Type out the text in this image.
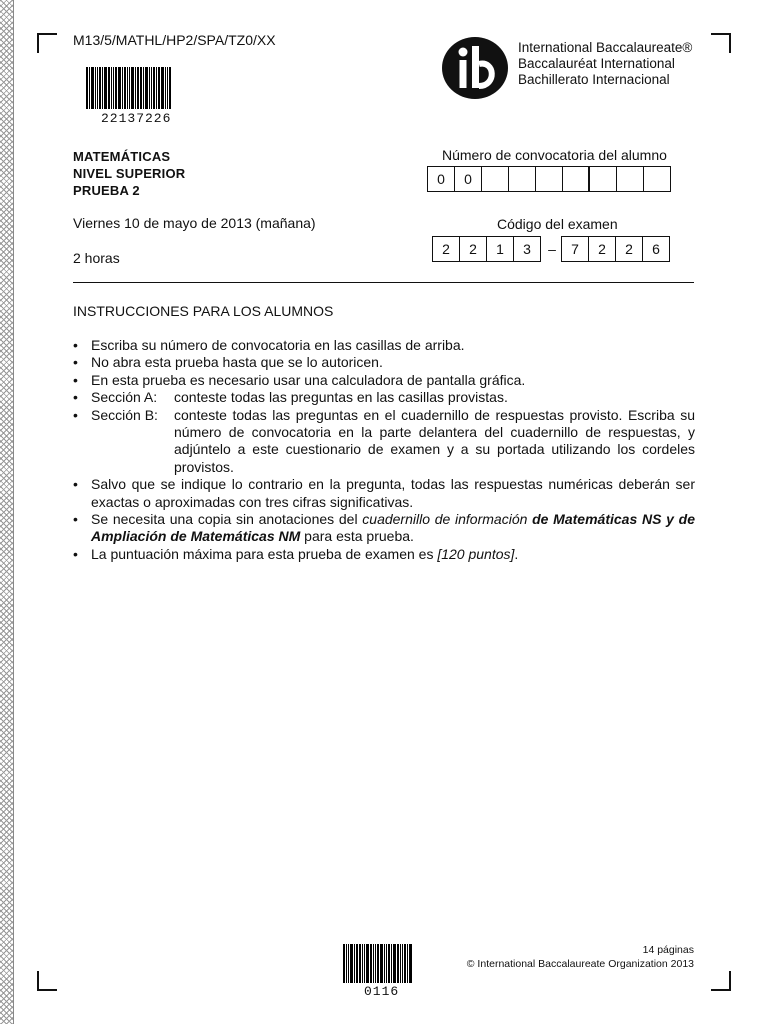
M13/5/MATHL/HP2/SPA/TZ0/XX
22137226
International Baccalaureate®
Baccalauréat International
Bachillerato Internacional
MATEMÁTICAS
NIVEL SUPERIOR
PRUEBA 2
Viernes 10 de mayo de 2013 (mañana)
2 horas
Número de convocatoria del alumno
0	0
Código del examen
2	2	1	3	–	7	2	2	6
INSTRUCCIONES PARA LOS ALUMNOS
• Escriba su número de convocatoria en las casillas de arriba.
• No abra esta prueba hasta que se lo autoricen.
• En esta prueba es necesario usar una calculadora de pantalla gráfica.
• Sección A:	conteste todas las preguntas en las casillas provistas.
• Sección B:	conteste todas las preguntas en el cuadernillo de respuestas provisto. Escriba su número de convocatoria en la parte delantera del cuadernillo de respuestas, y adjúntelo a este cuestionario de examen y a su portada utilizando los cordeles provistos.
• Salvo que se indique lo contrario en la pregunta, todas las respuestas numéricas deberán ser exactas o aproximadas con tres cifras significativas.
• Se necesita una copia sin anotaciones del cuadernillo de información de Matemáticas NS y de Ampliación de Matemáticas NM para esta prueba.
• La puntuación máxima para esta prueba de examen es [120 puntos].
0116
14 páginas
© International Baccalaureate Organization 2013
